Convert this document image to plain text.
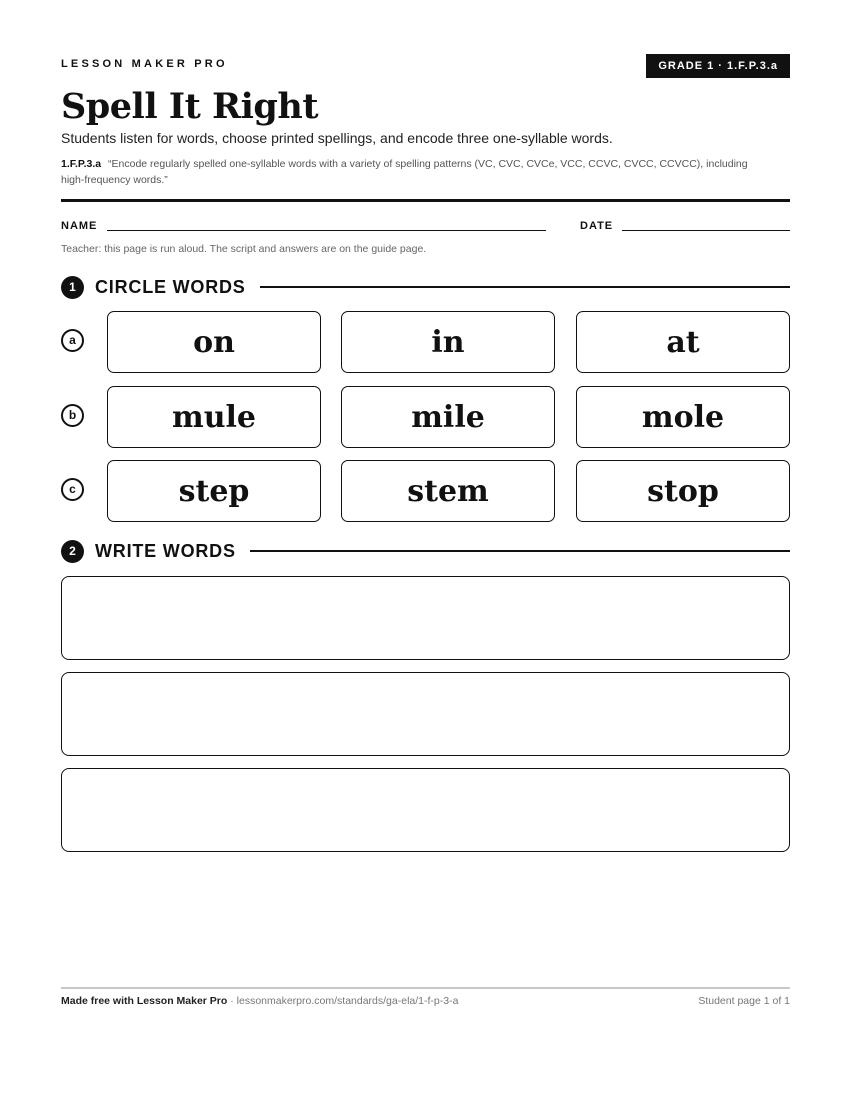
LESSON MAKER PRO	GRADE 1 · 1.F.P.3.a
Spell It Right
Students listen for words, choose printed spellings, and encode three one-syllable words.
1.F.P.3.a “Encode regularly spelled one-syllable words with a variety of spelling patterns (VC, CVC, CVCe, VCC, CCVC, CVCC, CCVCC), including high-frequency words.”
NAME	DATE
Teacher: this page is run aloud. The script and answers are on the guide page.
1	CIRCLE WORDS
a	on	in	at
b	mule	mile	mole
c	step	stem	stop
2	WRITE WORDS
Made free with Lesson Maker Pro · lessonmakerpro.com/standards/ga-ela/1-f-p-3-a	Student page 1 of 1
